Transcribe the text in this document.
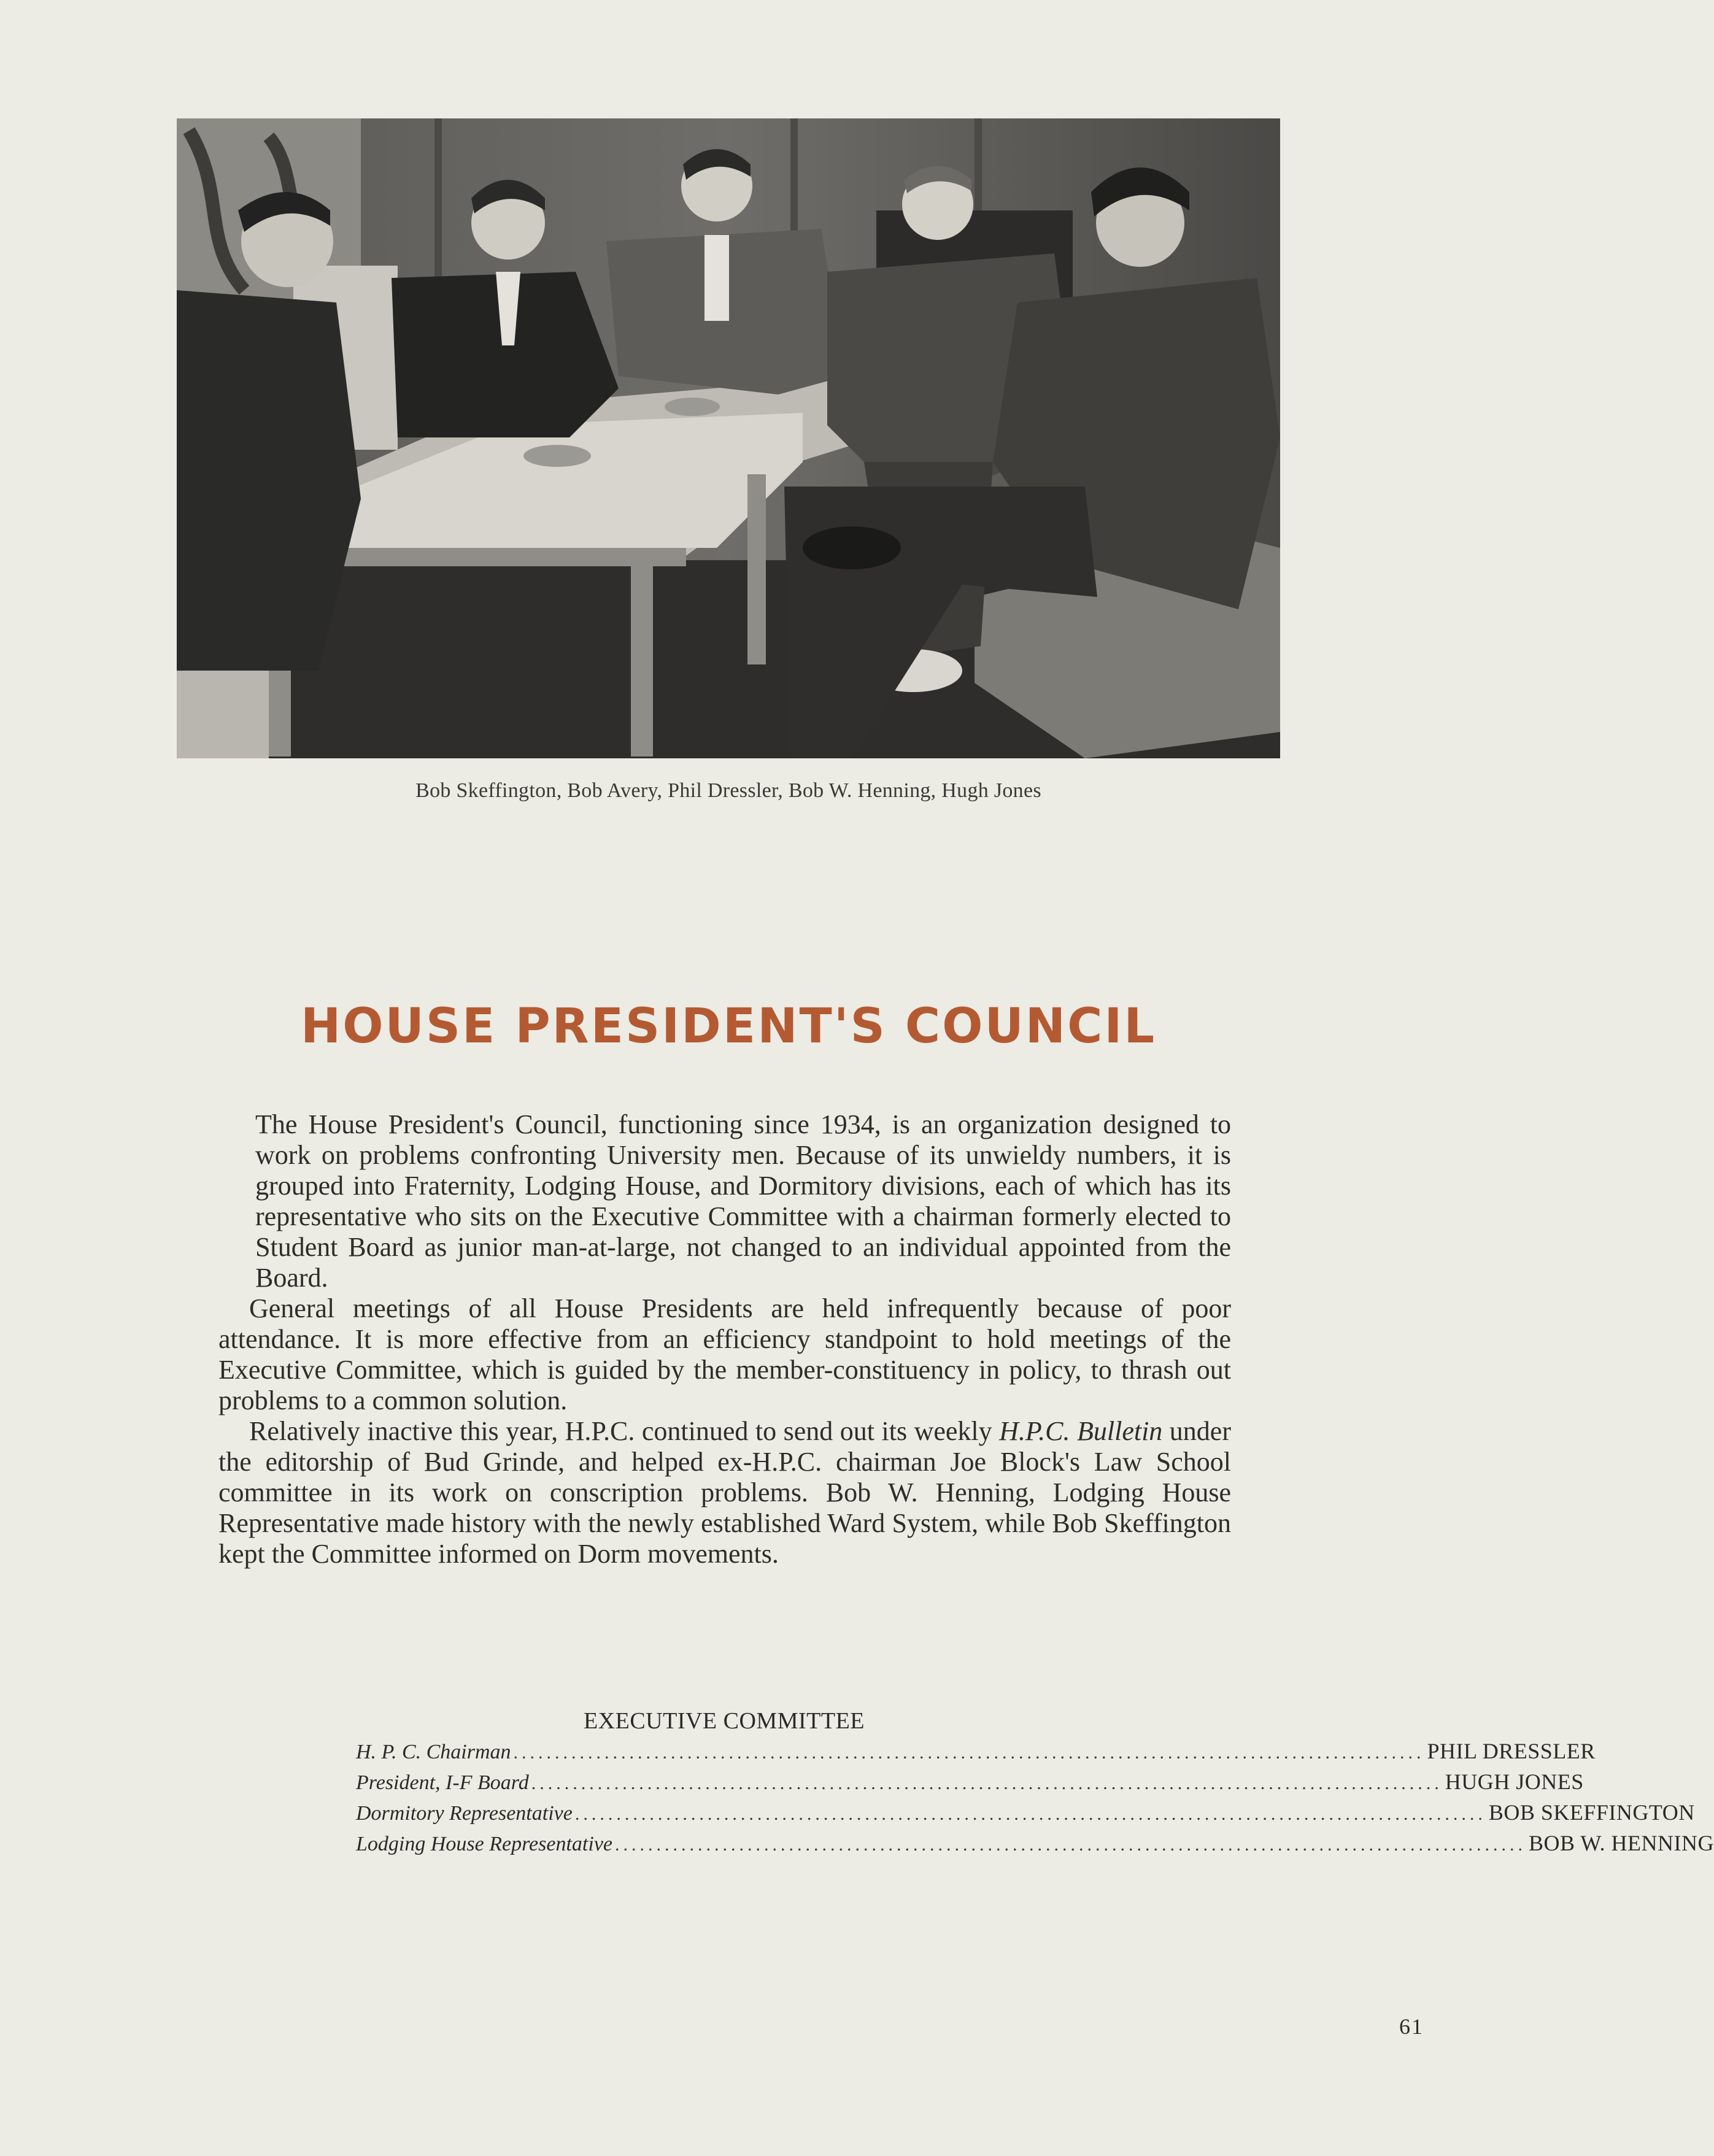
Bob Skeffington, Bob Avery, Phil Dressler, Bob W. Henning, Hugh Jones
HOUSE PRESIDENT'S COUNCIL

The House President's Council, functioning since 1934, is an organization designed to work on problems confronting University men. Because of its unwieldy numbers, it is grouped into Fraternity, Lodging House, and Dormitory divisions, each of which has its representative who sits on the Executive Committee with a chairman formerly elected to Student Board as junior man-at-large, not changed to an individual appointed from the Board.

General meetings of all House Presidents are held infrequently because of poor attendance. It is more effective from an efficiency standpoint to hold meetings of the Executive Committee, which is guided by the member-constituency in policy, to thrash out problems to a common solution.

Relatively inactive this year, H.P.C. continued to send out its weekly H.P.C. Bulletin under the editorship of Bud Grinde, and helped ex-H.P.C. chairman Joe Block's Law School committee in its work on conscription problems. Bob W. Henning, Lodging House Representative made history with the newly established Ward System, while Bob Skeffington kept the Committee informed on Dorm movements.

EXECUTIVE COMMITTEE
H. P. C. Chairman .............................................................................................................. PHIL DRESSLER
President, I-F Board .............................................................................................................. HUGH JONES
Dormitory Representative .............................................................................................................. BOB SKEFFINGTON
Lodging House Representative .............................................................................................................. BOB W. HENNING
61
